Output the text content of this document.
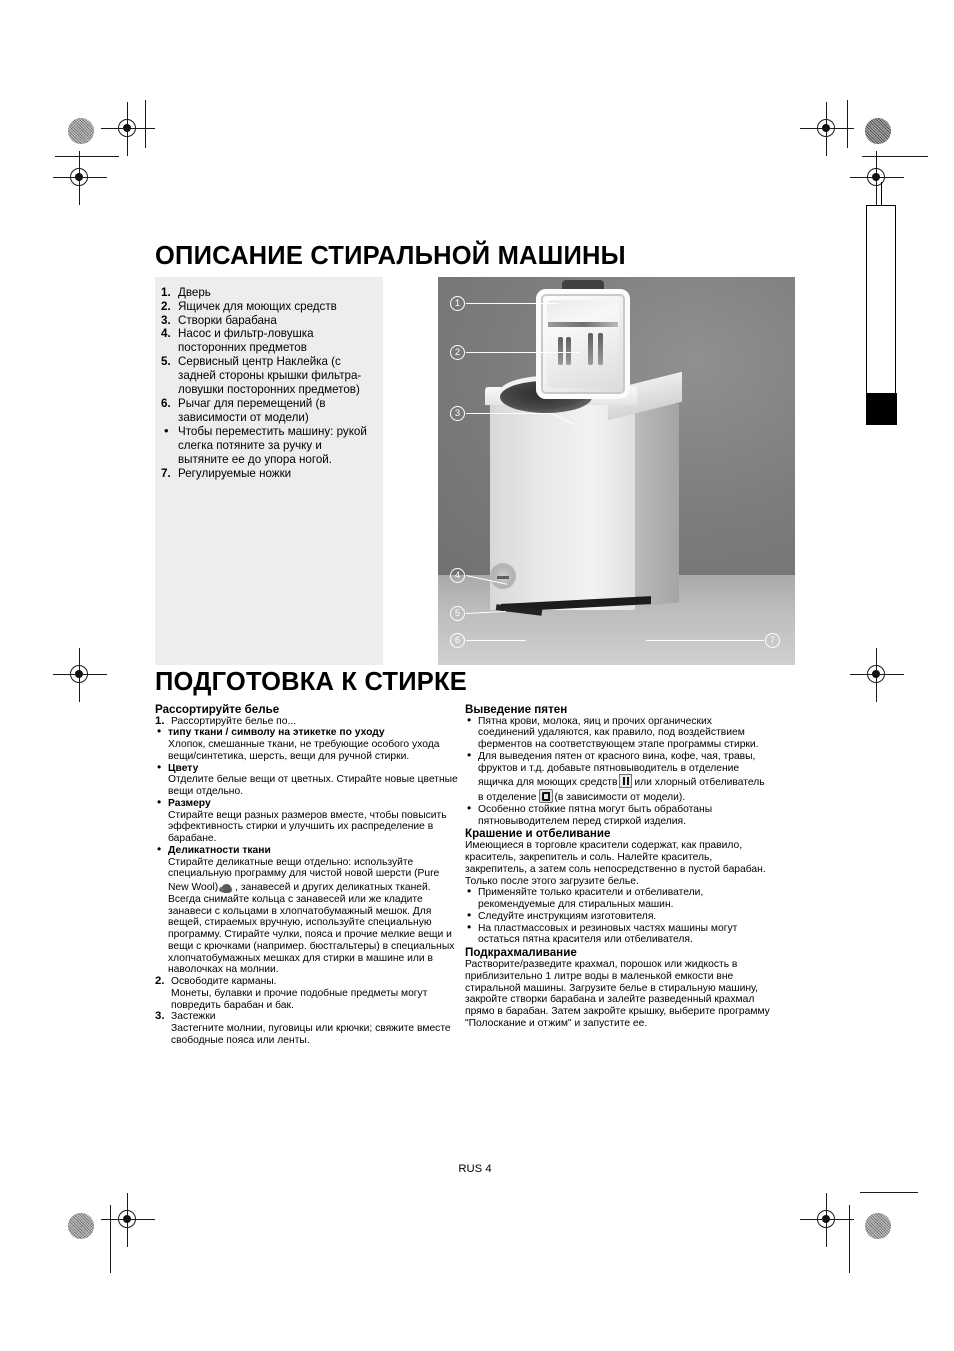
ОПИСАНИЕ СТИРАЛЬНОЙ МАШИНЫ
1. Дверь
2. Ящичек для моющих средств
3. Створки барабана
4. Насос и фильтр-ловушка посторонних предметов
5. Сервисный центр Наклейка (с задней стороны крышки фильтра-ловушки посторонних предметов)
6. Рычаг для перемещений (в зависимости от модели)
• Чтобы переместить машину: рукой слегка потяните за ручку и вытяните ее до упора ногой.
7. Регулируемые ножки
1
2
3
4
5
6	7
ПОДГОТОВКА К СТИРКЕ
Рассортируйте белье
1. Рассортируйте белье по...
• типу ткани / символу на этикетке по уходу

Хлопок, смешанные ткани, не требующие особого ухода вещи/синтетика, шерсть, вещи для ручной стирки.

• Цвету

Отделите белые вещи от цветных. Стирайте новые цветные вещи отдельно.

• Размеру

Стирайте вещи разных размеров вместе, чтобы повысить эффективность стирки и улучшить их распределение в барабане.

• Деликатности ткани

Стирайте деликатные вещи отдельно: используйте специальную программу для чистой новой шерсти (Pure New Wool) , занавесей и других деликатных тканей. Всегда снимайте кольца с занавесей или же кладите занавеси с кольцами в хлопчатобумажный мешок. Для вещей, стираемых вручную, используйте специальную программу. Стирайте чулки, пояса и прочие мелкие вещи и вещи с крючками (например. бюстгальтеры) в специальных хлопчатобумажных мешках для стирки в машине или в наволочках на молнии.

2. Освободите карманы.

Монеты, булавки и прочие подобные предметы могут повредить барабан и бак.

3. Застежки

Застегните молнии, пуговицы или крючки; свяжите вместе свободные пояса или ленты.

Выведение пятен
• Пятна крови, молока, яиц и прочих органических соединений удаляются, как правило, под воздействием ферментов на соответствующем этапе программы стирки.
• Для выведения пятен от красного вина, кофе, чая, травы, фруктов и т.д. добавьте пятновыводитель в отделение ящичка для моющих средств или хлорный отбеливатель в отделение (в зависимости от модели).
• Особенно стойкие пятна могут быть обработаны пятновыводителем перед стиркой изделия.
Крашение и отбеливание

Имеющиеся в торговле красители содержат, как правило, краситель, закрепитель и соль. Налейте краситель, закрепитель, а затем соль непосредственно в пустой барабан. Только после этого загрузите белье.

• Применяйте только красители и отбеливатели, рекомендуемые для стиральных машин.
• Следуйте инструкциям изготовителя.
• На пластмассовых и резиновых частях машины могут остаться пятна красителя или отбеливателя.
Подкрахмаливание

Растворите/разведите крахмал, порошок или жидкость в приблизительно 1 литре воды в маленькой емкости вне стиральной машины. Загрузите белье в стиральную машину, закройте створки барабана и залейте разведенный крахмал прямо в барабан. Затем закройте крышку, выберите программу "Полоскание и отжим" и запустите ее.

RUS 4
